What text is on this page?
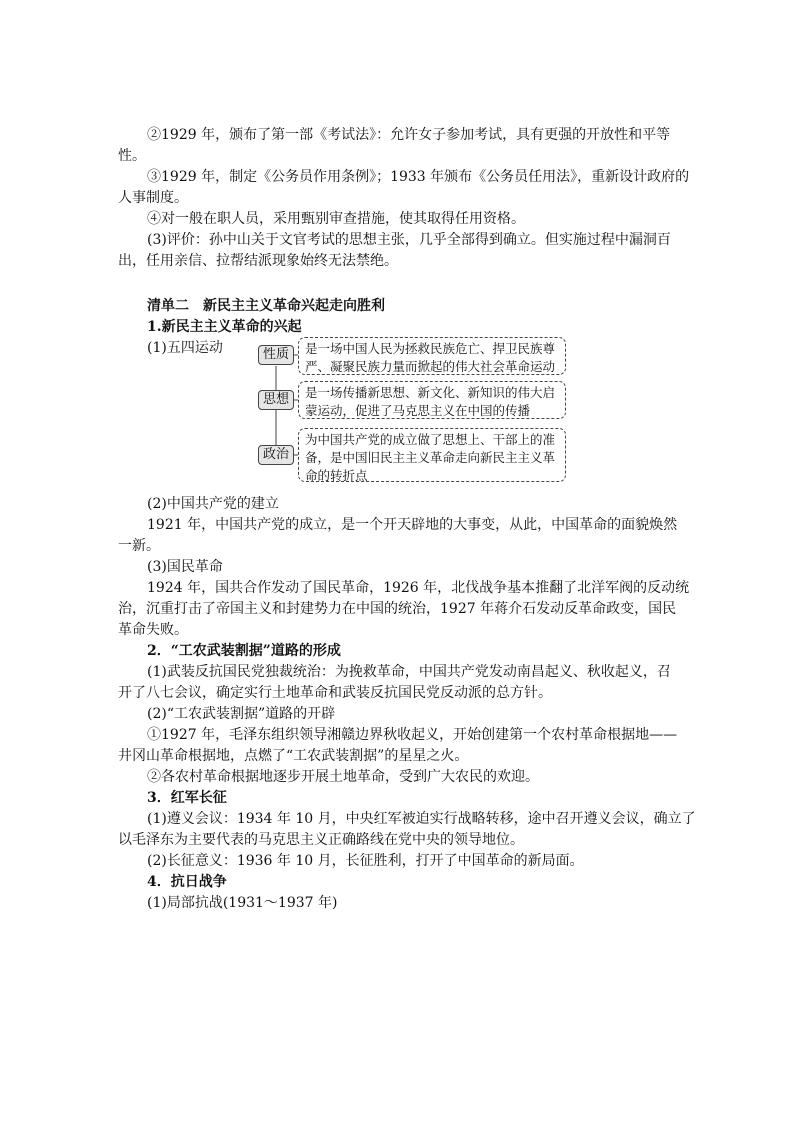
②1929 年，颁布了第一部《考试法》：允许女子参加考试，具有更强的开放性和平等
性。
③1929 年，制定《公务员作用条例》；1933 年颁布《公务员任用法》，重新设计政府的
人事制度。
④对一般在职人员，采用甄别审查措施，使其取得任用资格。
(3)评价：孙中山关于文官考试的思想主张，几乎全部得到确立。但实施过程中漏洞百
出，任用亲信、拉帮结派现象始终无法禁绝。
清单二　新民主主义革命兴起走向胜利
1.新民主主义革命的兴起
(1)五四运动	性质
思想
政治
是一场中国人民为拯救民族危亡、捍卫民族尊严、凝聚民族力量而掀起的伟大社会革命运动
是一场传播新思想、新文化、新知识的伟大启蒙运动，促进了马克思主义在中国的传播
为中国共产党的成立做了思想上、干部上的准备，是中国旧民主主义革命走向新民主主义革命的转折点
(2)中国共产党的建立
1921 年，中国共产党的成立，是一个开天辟地的大事变，从此，中国革命的面貌焕然
一新。
(3)国民革命
1924 年，国共合作发动了国民革命，1926 年，北伐战争基本推翻了北洋军阀的反动统
治，沉重打击了帝国主义和封建势力在中国的统治，1927 年蒋介石发动反革命政变，国民
革命失败。
2．“工农武装割据”道路的形成
(1)武装反抗国民党独裁统治：为挽救革命，中国共产党发动南昌起义、秋收起义，召
开了八七会议，确定实行土地革命和武装反抗国民党反动派的总方针。
(2)“工农武装割据”道路的开辟
①1927 年，毛泽东组织领导湘赣边界秋收起义，开始创建第一个农村革命根据地——
井冈山革命根据地，点燃了“工农武装割据”的星星之火。
②各农村革命根据地逐步开展土地革命，受到广大农民的欢迎。
3．红军长征
(1)遵义会议：1934 年 10 月，中央红军被迫实行战略转移，途中召开遵义会议，确立了
以毛泽东为主要代表的马克思主义正确路线在党中央的领导地位。
(2)长征意义：1936 年 10 月，长征胜利，打开了中国革命的新局面。
4．抗日战争
(1)局部抗战(1931～1937 年)
